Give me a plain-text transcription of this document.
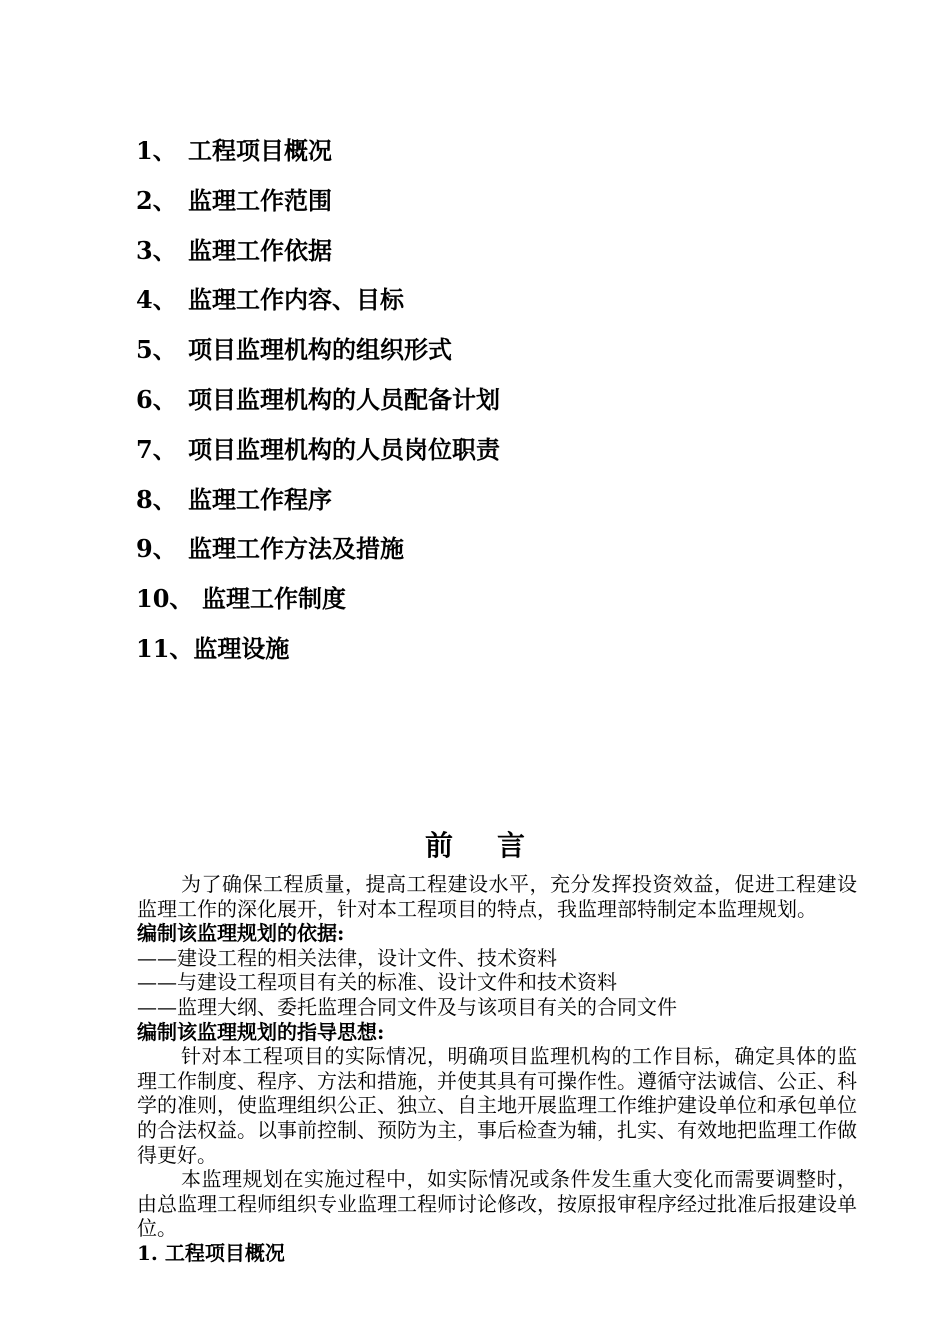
1、 工程项目概况
2、 监理工作范围
3、 监理工作依据
4、 监理工作内容、目标
5、 项目监理机构的组织形式
6、 项目监理机构的人员配备计划
7、 项目监理机构的人员岗位职责
8、 监理工作程序
9、 监理工作方法及措施
10、 监理工作制度
11、监理设施
前言

为了确保工程质量，提高工程建设水平，充分发挥投资效益，促进工程建设监理工作的深化展开，针对本工程项目的特点，我监理部特制定本监理规划。

编制该监理规划的依据:

——建设工程的相关法律，设计文件、技术资料

——与建设工程项目有关的标准、设计文件和技术资料

——监理大纲、委托监理合同文件及与该项目有关的合同文件

编制该监理规划的指导思想:

针对本工程项目的实际情况，明确项目监理机构的工作目标，确定具体的监理工作制度、程序、方法和措施，并使其具有可操作性。遵循守法诚信、公正、科学的准则，使监理组织公正、独立、自主地开展监理工作维护建设单位和承包单位的合法权益。以事前控制、预防为主，事后检查为辅，扎实、有效地把监理工作做得更好。

本监理规划在实施过程中，如实际情况或条件发生重大变化而需要调整时，由总监理工程师组织专业监理工程师讨论修改，按原报审程序经过批准后报建设单位。

1. 工程项目概况
